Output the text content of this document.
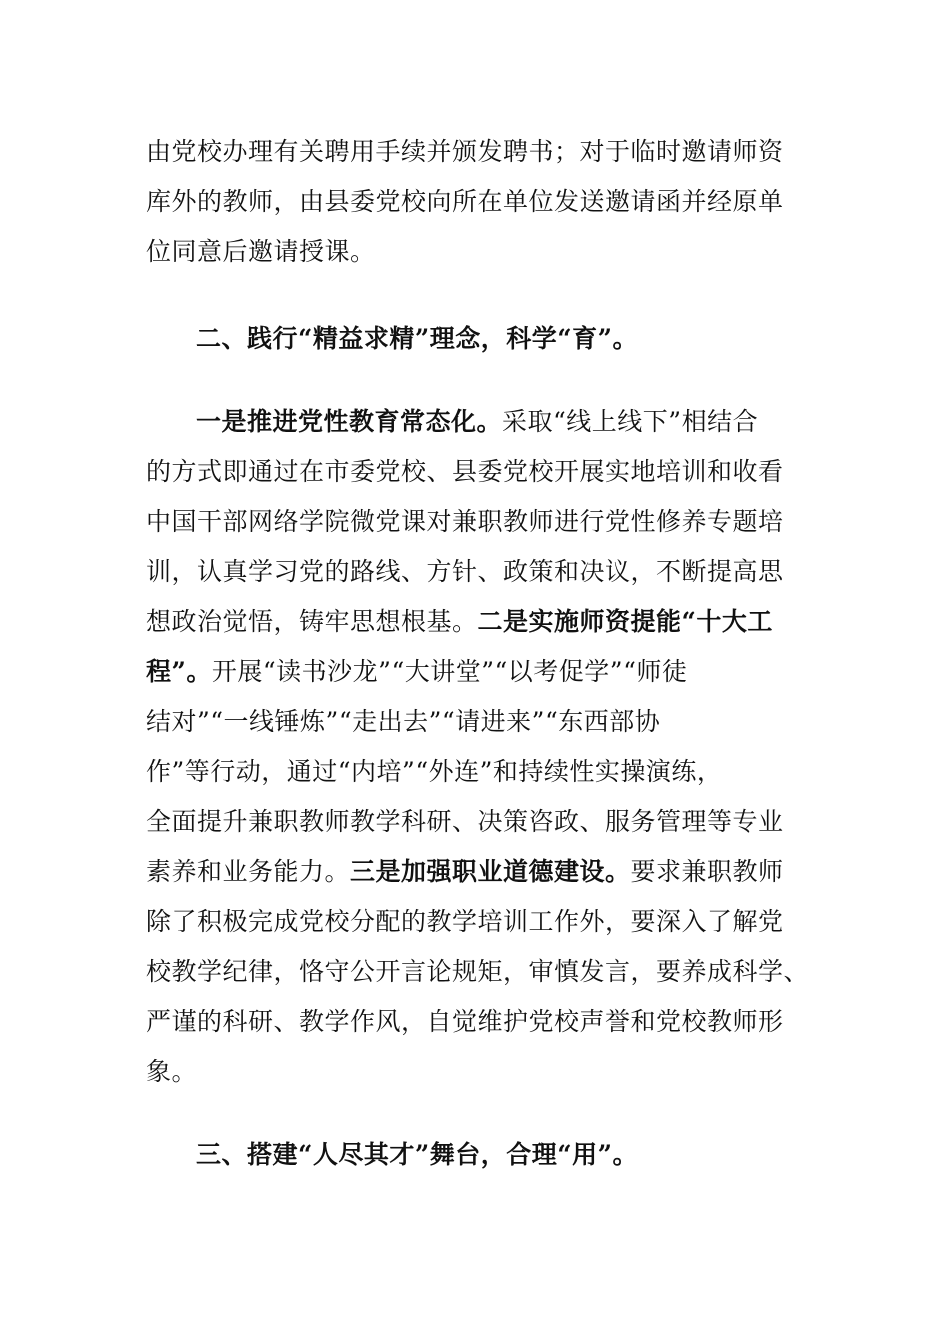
由党校办理有关聘用手续并颁发聘书；对于临时邀请师资
库外的教师，由县委党校向所在单位发送邀请函并经原单
位同意后邀请授课。

二、践行“精益求精”理念，科学“育”。

一是推进党性教育常态化。采取“线上线下”相结合
的方式即通过在市委党校、县委党校开展实地培训和收看
中国干部网络学院微党课对兼职教师进行党性修养专题培
训，认真学习党的路线、方针、政策和决议，不断提高思
想政治觉悟，铸牢思想根基。二是实施师资提能“十大工
程”。开展“读书沙龙”“大讲堂”“以考促学”“师徒
结对”“一线锤炼”“走出去”“请进来”“东西部协
作”等行动，通过“内培”“外连”和持续性实操演练，
全面提升兼职教师教学科研、决策咨政、服务管理等专业
素养和业务能力。三是加强职业道德建设。要求兼职教师
除了积极完成党校分配的教学培训工作外，要深入了解党
校教学纪律，恪守公开言论规矩，审慎发言，要养成科学、
严谨的科研、教学作风，自觉维护党校声誉和党校教师形
象。

三、搭建“人尽其才”舞台，合理“用”。
